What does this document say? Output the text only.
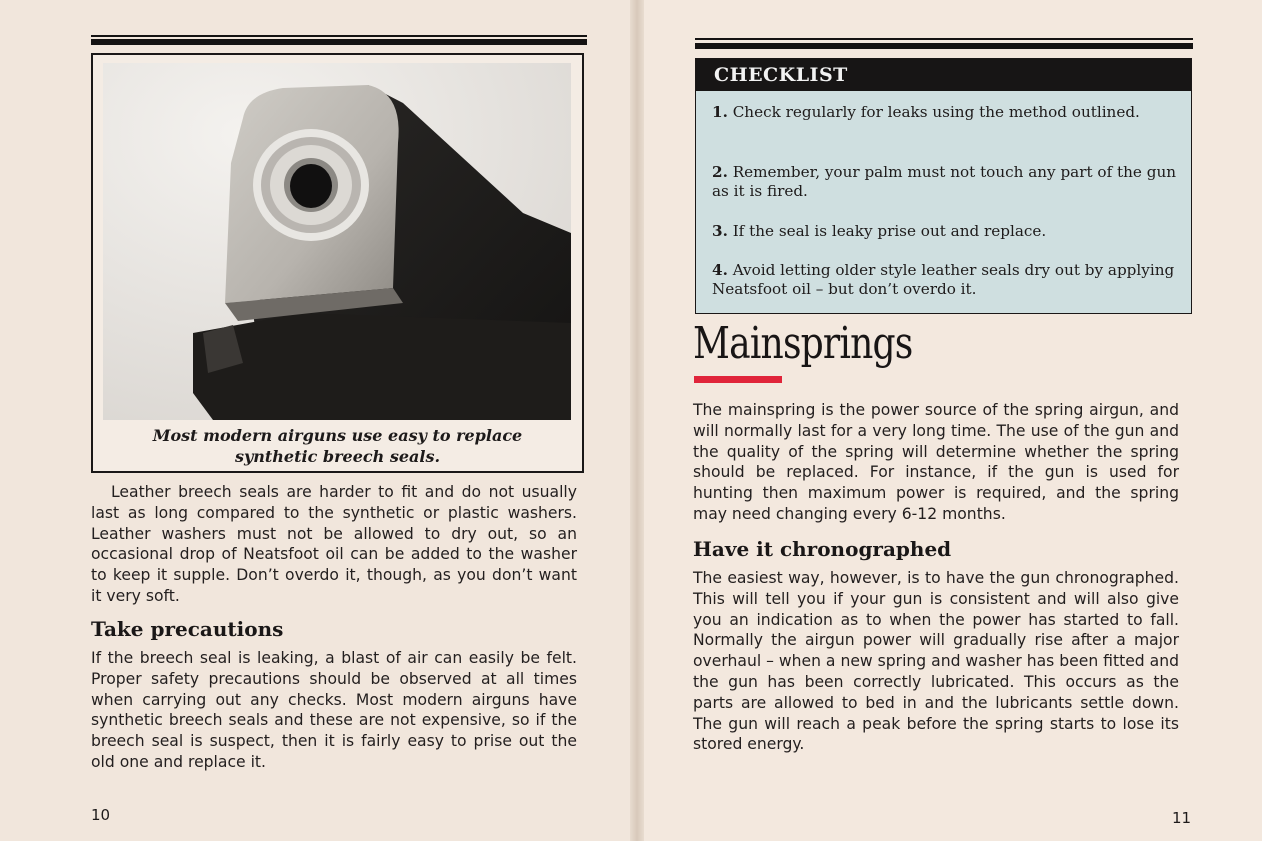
Most modern airguns use easy to replace
synthetic breech seals.
Leather breech seals are harder to fit and do not usually last as long compared to the synthetic or plastic washers. Leather washers must not be allowed to dry out, so an occasional drop of Neatsfoot oil can be added to the washer to keep it supple. Don’t overdo it, though, as you don’t want it very soft.
Take precautions
If the breech seal is leaking, a blast of air can easily be felt. Proper safety precautions should be observed at all times when carrying out any checks. Most modern airguns have synthetic breech seals and these are not expensive, so if the breech seal is suspect, then it is fairly easy to prise out the old one and replace it.
10
CHECKLIST
1. Check regularly for leaks using the method outlined.
2. Remember, your palm must not touch any part of the gun as it is fired.
3. If the seal is leaky prise out and replace.
4. Avoid letting older style leather seals dry out by applying Neatsfoot oil – but don’t overdo it.
Mainsprings
The mainspring is the power source of the spring airgun, and will normally last for a very long time. The use of the gun and the quality of the spring will determine whether the spring should be replaced. For instance, if the gun is used for hunting then maximum power is required, and the spring may need changing every 6-12 months.
Have it chronographed
The easiest way, however, is to have the gun chronographed. This will tell you if your gun is consistent and will also give you an indication as to when the power has started to fall. Normally the airgun power will gradually rise after a major overhaul – when a new spring and washer has been fitted and the gun has been correctly lubricated. This occurs as the parts are allowed to bed in and the lubricants settle down. The gun will reach a peak before the spring starts to lose its stored energy.
11
